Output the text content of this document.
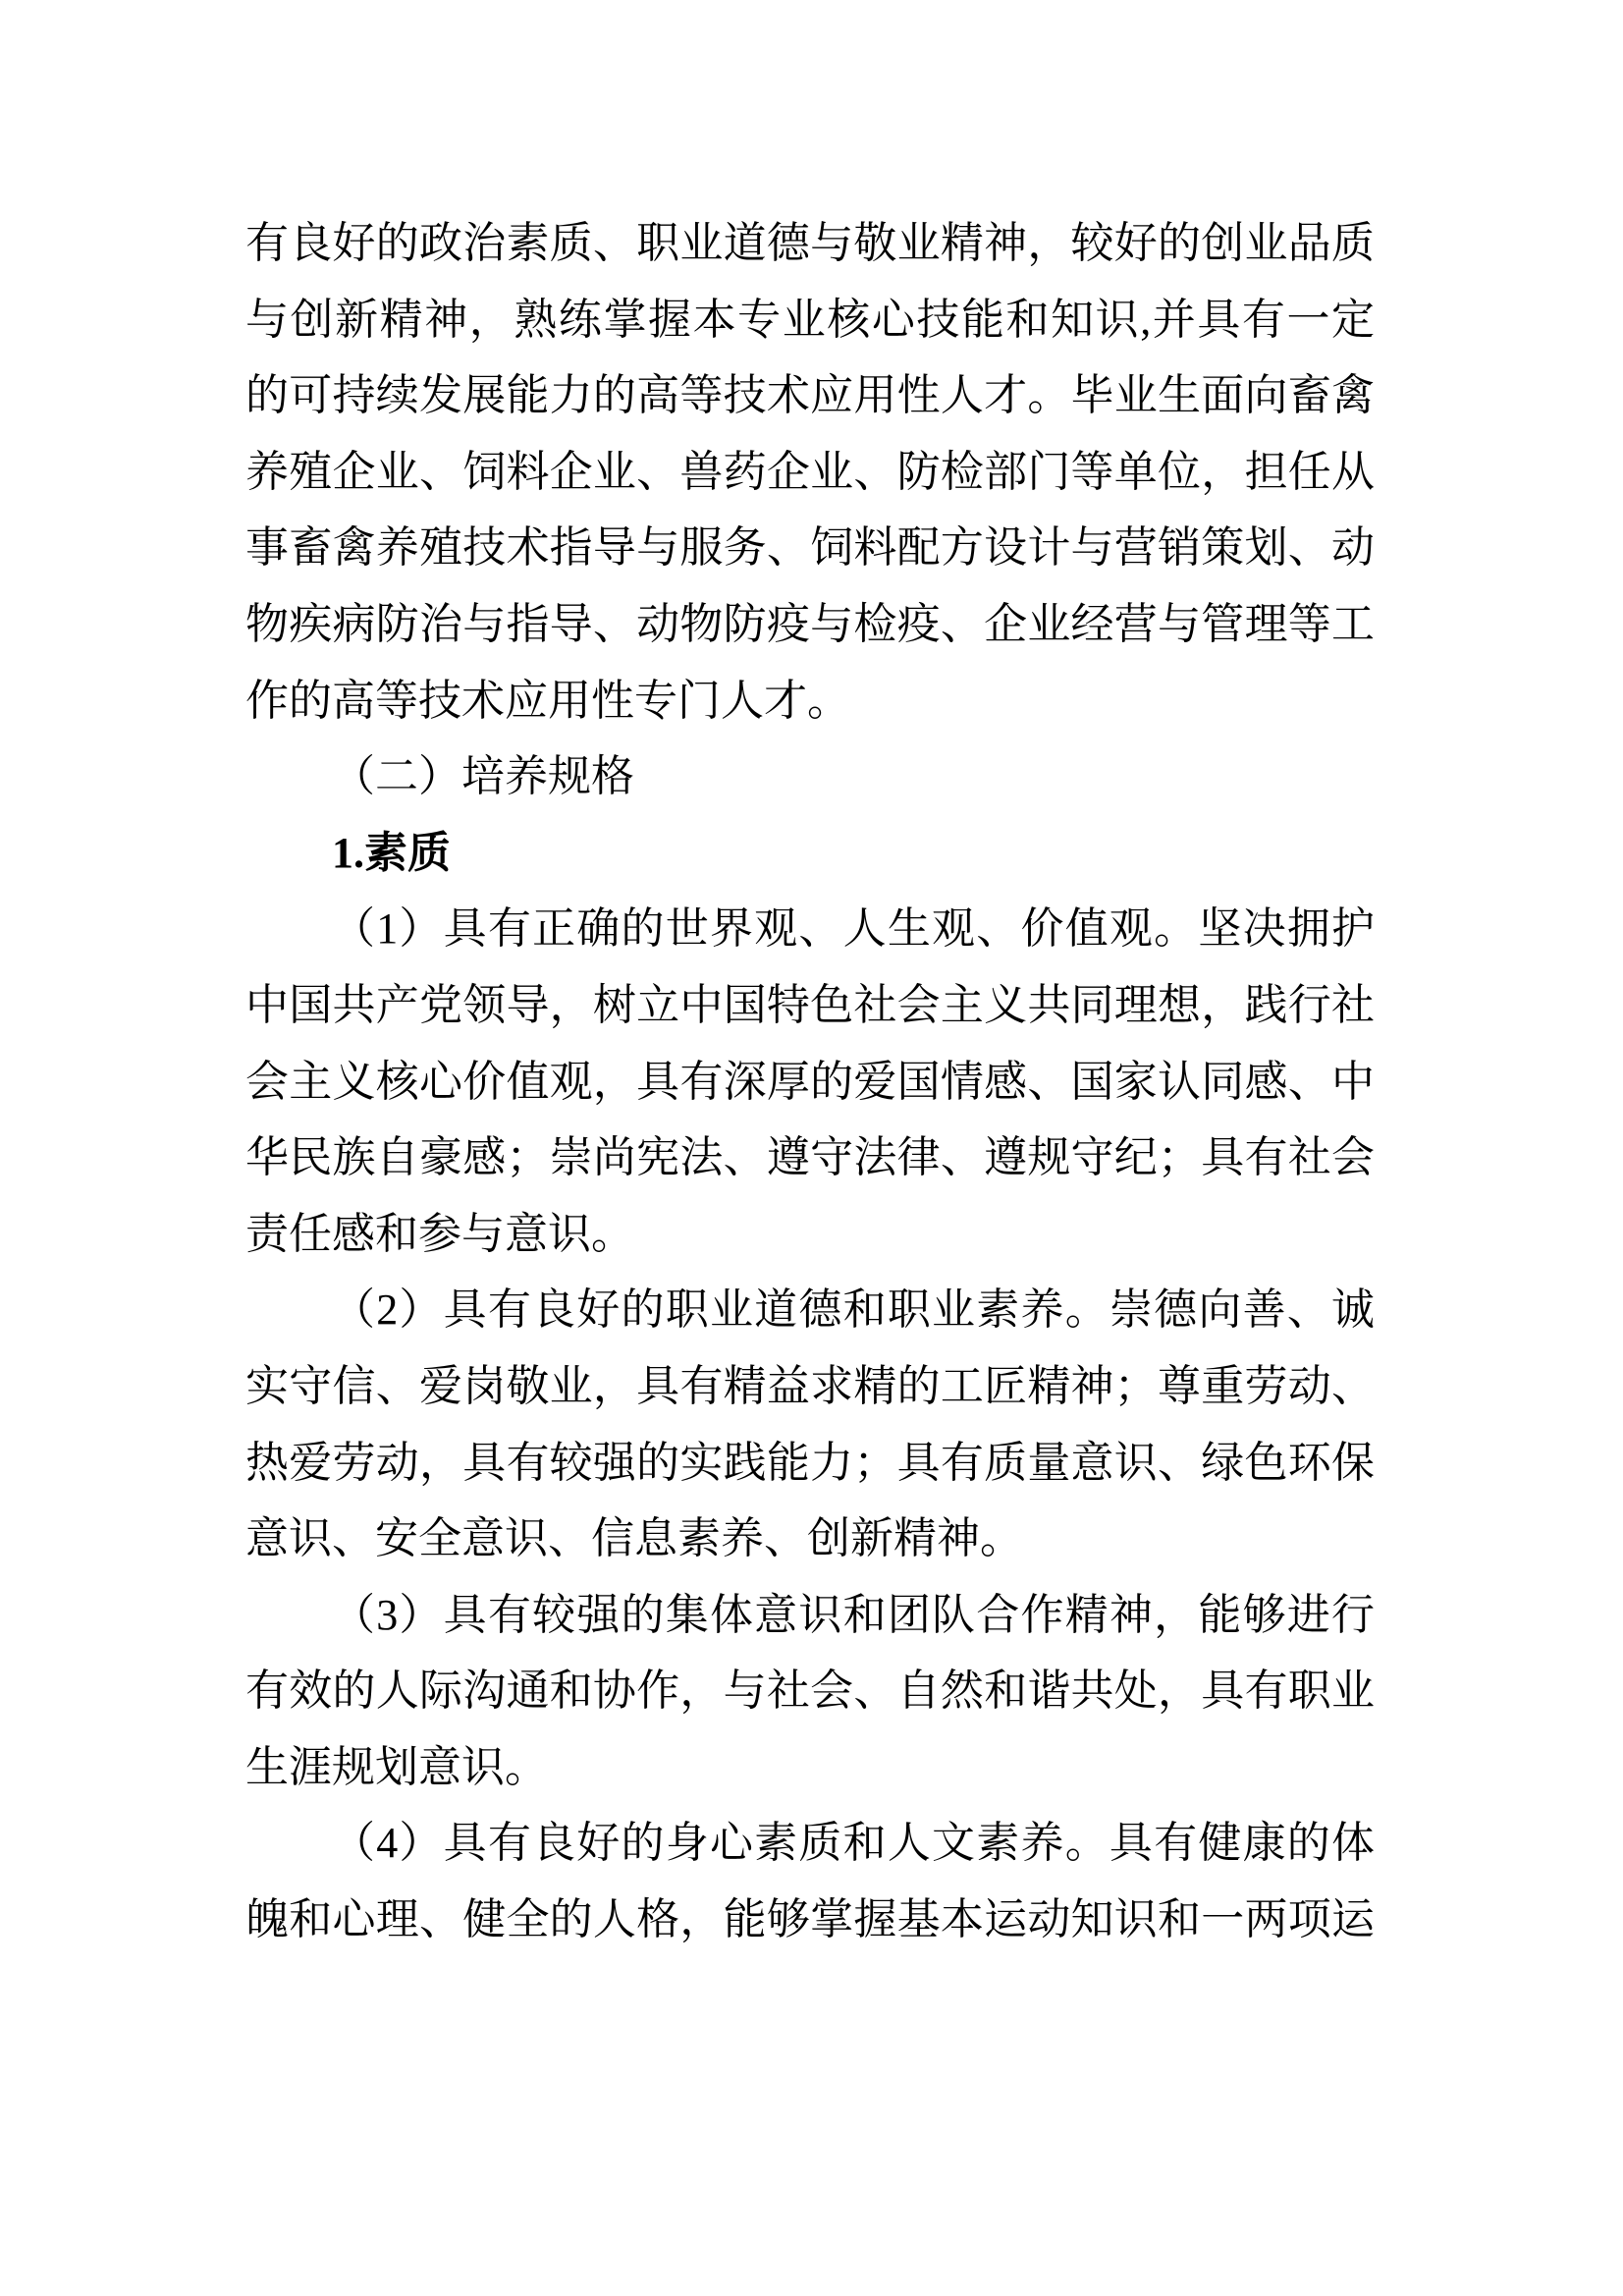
有良好的政治素质、职业道德与敬业精神，较好的创业品质
与创新精神，熟练掌握本专业核心技能和知识,并具有一定
的可持续发展能力的高等技术应用性人才。毕业生面向畜禽
养殖企业、饲料企业、兽药企业、防检部门等单位，担任从
事畜禽养殖技术指导与服务、饲料配方设计与营销策划、动
物疾病防治与指导、动物防疫与检疫、企业经营与管理等工
作的高等技术应用性专门人才。
（二）培养规格
1.素质
（1）具有正确的世界观、人生观、价值观。坚决拥护
中国共产党领导，树立中国特色社会主义共同理想，践行社
会主义核心价值观，具有深厚的爱国情感、国家认同感、中
华民族自豪感；崇尚宪法、遵守法律、遵规守纪；具有社会
责任感和参与意识。
（2）具有良好的职业道德和职业素养。崇德向善、诚
实守信、爱岗敬业，具有精益求精的工匠精神；尊重劳动、
热爱劳动，具有较强的实践能力；具有质量意识、绿色环保
意识、安全意识、信息素养、创新精神。
（3）具有较强的集体意识和团队合作精神，能够进行
有效的人际沟通和协作，与社会、自然和谐共处，具有职业
生涯规划意识。
（4）具有良好的身心素质和人文素养。具有健康的体
魄和心理、健全的人格，能够掌握基本运动知识和一两项运
